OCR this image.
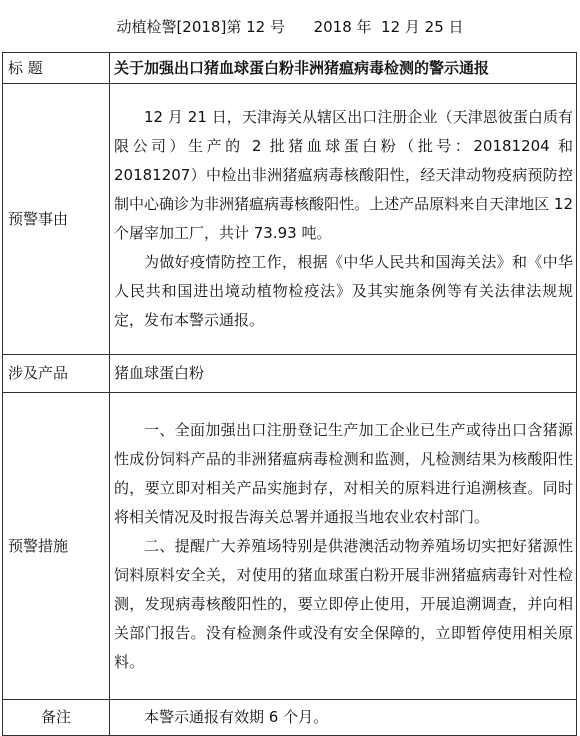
动植检警[2018]第 12 号 2018 年  12 月 25 日
标 题	关于加强出口猪血球蛋白粉非洲猪瘟病毒检测的警示通报
预警事由	12 月 21 日，天津海关从辖区出口注册企业（天津恩彼蛋白质有限公司）生产的 2 批猪血球蛋白粉（批号：20181204 和 20181207）中检出非洲猪瘟病毒核酸阳性，经天津动物疫病预防控制中心确诊为非洲猪瘟病毒核酸阳性。上述产品原料来自天津地区 12 个屠宰加工厂，共计 73.93 吨。

为做好疫情防控工作，根据《中华人民共和国海关法》和《中华人民共和国进出境动植物检疫法》及其实施条例等有关法律法规规定，发布本警示通报。

涉及产品	猪血球蛋白粉
预警措施	一、全面加强出口注册登记生产加工企业已生产或待出口含猪源性成份饲料产品的非洲猪瘟病毒检测和监测，凡检测结果为核酸阳性的，要立即对相关产品实施封存，对相关的原料进行追溯核查。同时将相关情况及时报告海关总署并通报当地农业农村部门。

二、提醒广大养殖场特别是供港澳活动物养殖场切实把好猪源性饲料原料安全关，对使用的猪血球蛋白粉开展非洲猪瘟病毒针对性检测，发现病毒核酸阳性的，要立即停止使用，开展追溯调查，并向相关部门报告。没有检测条件或没有安全保障的，立即暂停使用相关原料。

备注	本警示通报有效期 6 个月。
